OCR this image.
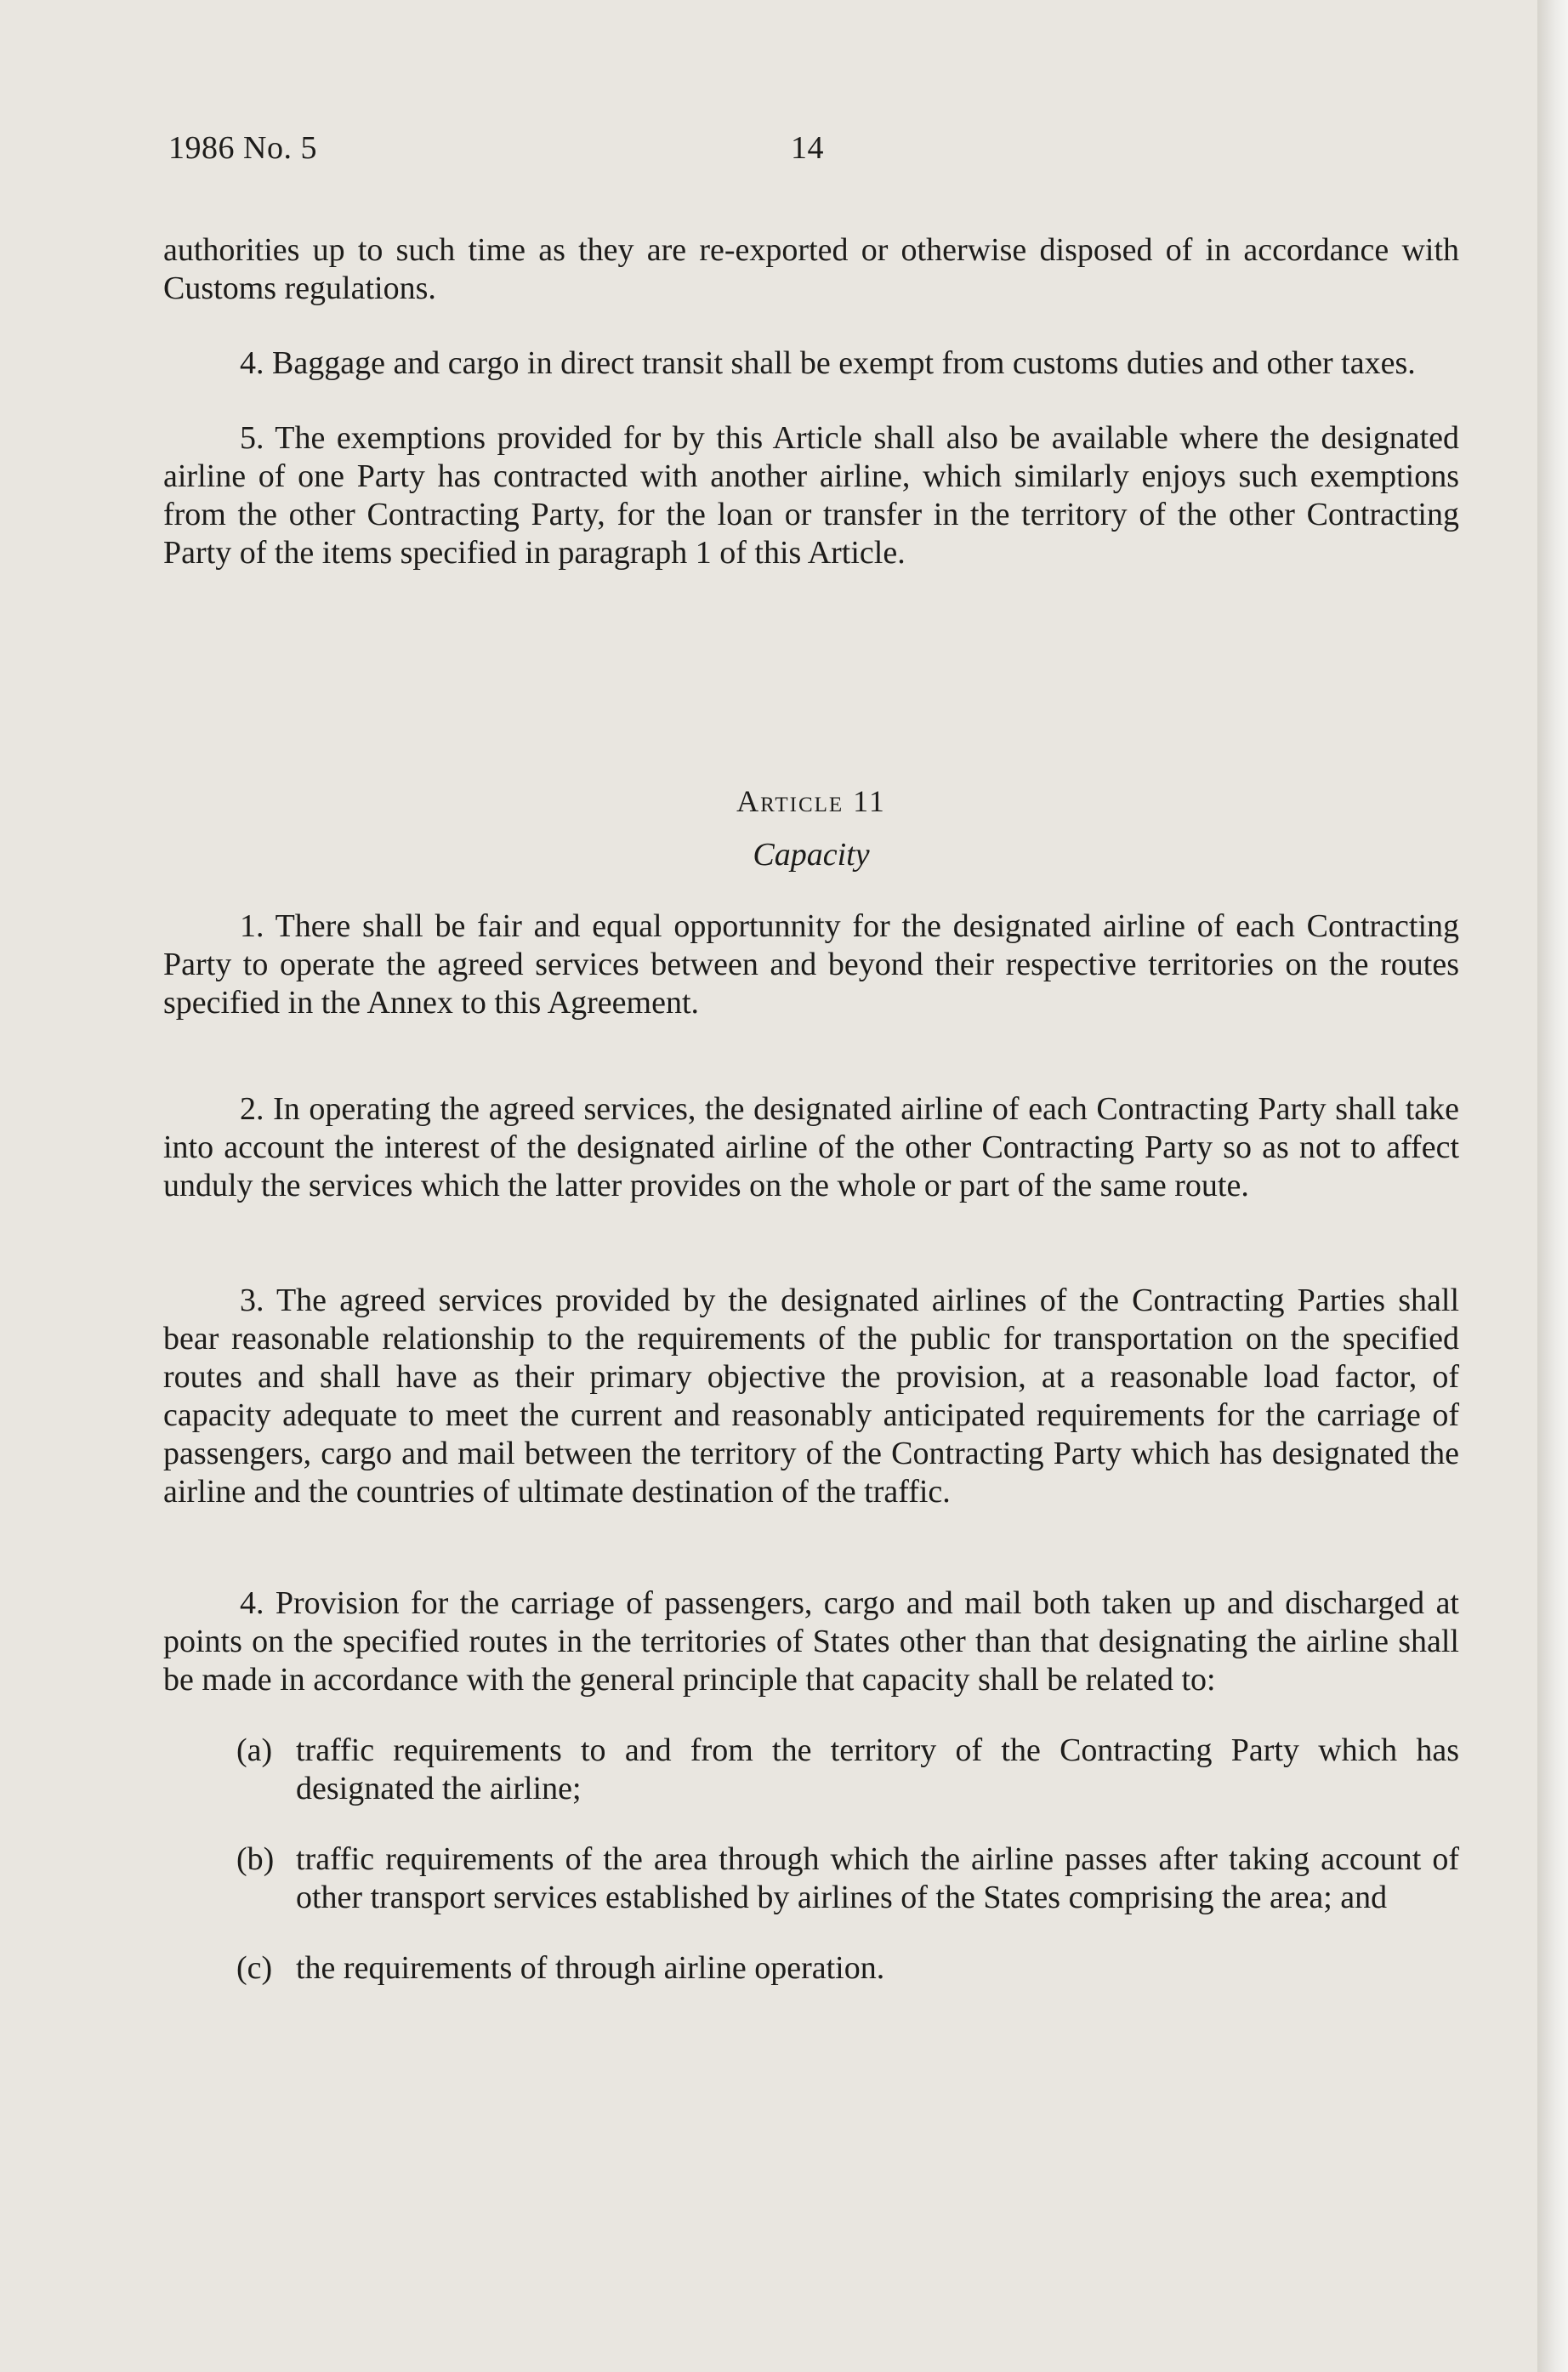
1986 No. 5	14

authorities up to such time as they are re-exported or otherwise disposed of in accordance with Customs regulations.

4. Baggage and cargo in direct transit shall be exempt from customs duties and other taxes.

5. The exemptions provided for by this Article shall also be available where the designated airline of one Party has contracted with another airline, which similarly enjoys such exemptions from the other Contracting Party, for the loan or transfer in the territory of the other Contracting Party of the items specified in paragraph 1 of this Article.

Article 11
Capacity

1. There shall be fair and equal opportunnity for the designated airline of each Contracting Party to operate the agreed services between and beyond their respective territories on the routes specified in the Annex to this Agreement.

2. In operating the agreed services, the designated airline of each Contracting Party shall take into account the interest of the designated airline of the other Contracting Party so as not to affect unduly the services which the latter provides on the whole or part of the same route.

3. The agreed services provided by the designated airlines of the Contracting Parties shall bear reasonable relationship to the requirements of the public for transportation on the specified routes and shall have as their primary objective the provision, at a reasonable load factor, of capacity adequate to meet the current and reasonably anticipated requirements for the carriage of passengers, cargo and mail between the territory of the Contracting Party which has designated the airline and the countries of ultimate destination of the traffic.

4. Provision for the carriage of passengers, cargo and mail both taken up and discharged at points on the specified routes in the territories of States other than that designating the airline shall be made in accordance with the general principle that capacity shall be related to:

(a) traffic requirements to and from the territory of the Contracting Party which has designated the airline;
(b) traffic requirements of the area through which the airline passes after taking account of other transport services established by airlines of the States comprising the area; and
(c) the requirements of through airline operation.
